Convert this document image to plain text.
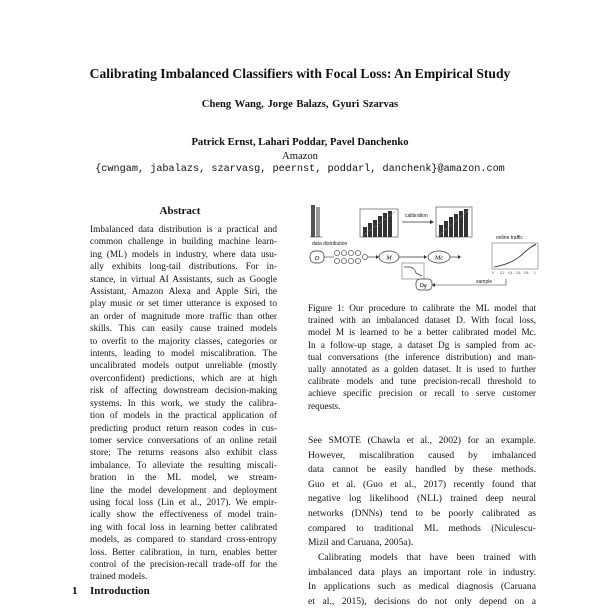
Calibrating Imbalanced Classifiers with Focal Loss: An Empirical Study
Cheng Wang, Jorge Balazs, Gyuri Szarvas
Patrick Ernst, Lahari Poddar, Pavel Danchenko
Amazon
{cwngam, jabalazs, szarvasg, peernst, poddarl, danchenk}@amazon.com
Abstract
Imbalanced data distribution is a practical and
common challenge in building machine learn-
ing (ML) models in industry, where data usu-
ally exhibits long-tail distributions. For in-
stance, in virtual AI Assistants, such as Google
Assistant, Amazon Alexa and Apple Siri, the
play music or set timer utterance is exposed to
an order of magnitude more traffic than other
skills. This can easily cause trained models
to overfit to the majority classes, categories or
intents, leading to model miscalibration. The
uncalibrated models output unreliable (mostly
overconfident) predictions, which are at high
risk of affecting downstream decision-making
systems. In this work, we study the calibra-
tion of models in the practical application of
predicting product return reason codes in cus-
tomer service conversations of an online retail
store; The returns reasons also exhibit class
imbalance. To alleviate the resulting miscali-
bration in the ML model, we stream-
line the model development and deployment
using focal loss (Lin et al., 2017). We empir-
ically show the effectiveness of model train-
ing with focal loss in learning better calibrated
models, as compared to standard cross-entropy
loss. Better calibration, in turn, enables better
control of the precision-recall trade-off for the
trained models.
1 Introduction
calibration
data distribution
D	M
Dg
Mc
sample
online traffic
0 0.2 0.4 0.6 0.8 1
Figure 1: Our procedure to calibrate the ML model that
trained with an imbalanced dataset D. With focal loss,
model M is learned to be a better calibrated model Mc.
In a follow-up stage, a dataset Dg is sampled from ac-
tual conversations (the inference distribution) and man-
ually annotated as a golden dataset. It is used to further
calibrate models and tune precision-recall threshold to
achieve specific precision or recall to serve customer
requests.
See SMOTE (Chawla et al., 2002) for an example.
However, miscalibration caused by imbalanced
data cannot be easily handled by these methods.
Guo et al. (Guo et al., 2017) recently found that
negative log likelihood (NLL) trained deep neural
networks (DNNs) tend to be poorly calibrated as
compared to traditional ML methods (Niculescu-
Mizil and Caruana, 2005a).
Calibrating models that have been trained with
imbalanced data plays an important role in industry.
In applications such as medical diagnosis (Caruana
et al., 2015), decisions do not only depend on a
